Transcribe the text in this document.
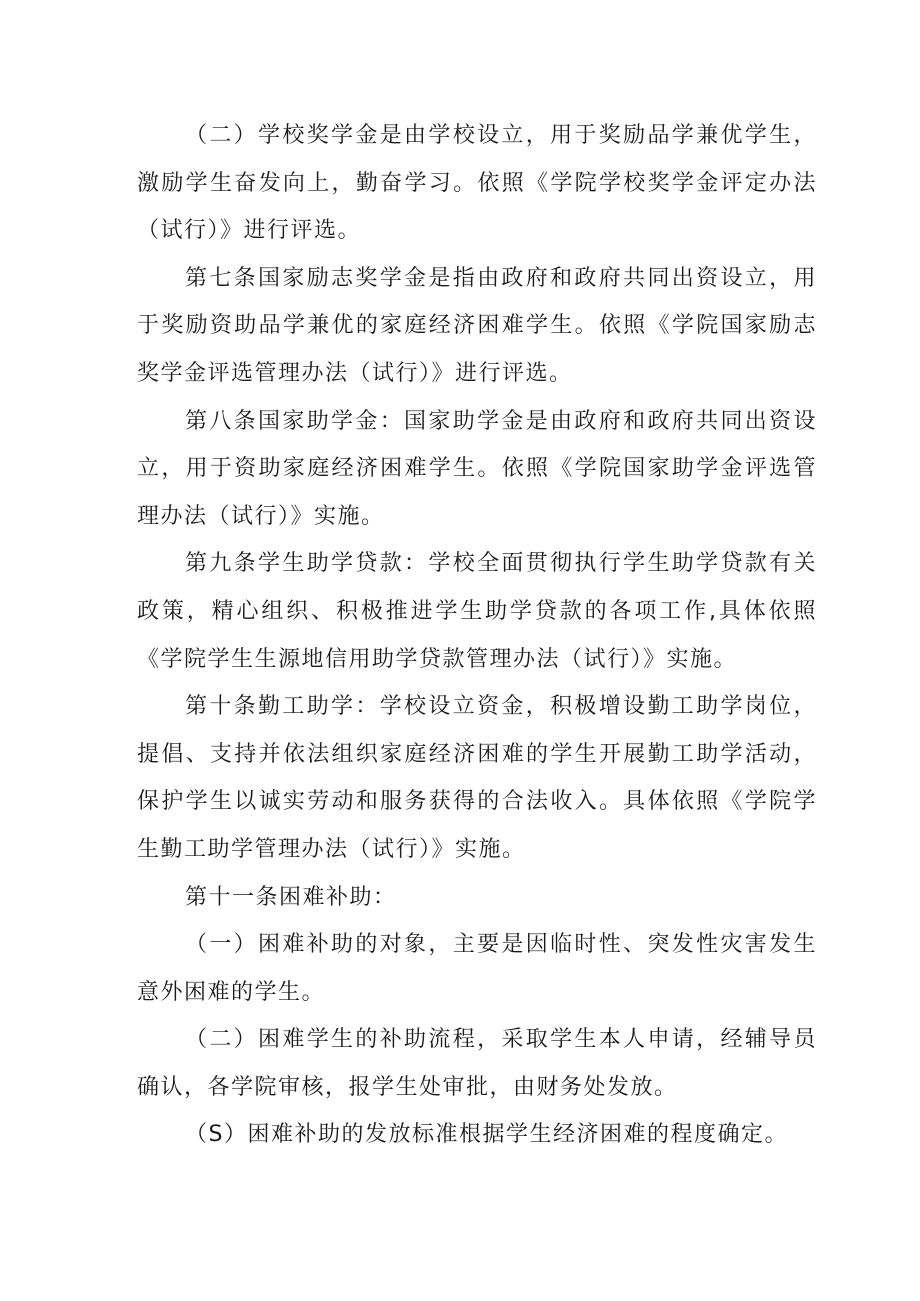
（二）学校奖学金是由学校设立，用于奖励品学兼优学生，激励学生奋发向上，勤奋学习。依照《学院学校奖学金评定办法（试行）》进行评选。

第七条国家励志奖学金是指由政府和政府共同出资设立，用于奖励资助品学兼优的家庭经济困难学生。依照《学院国家励志奖学金评选管理办法（试行）》进行评选。

第八条国家助学金：国家助学金是由政府和政府共同出资设立，用于资助家庭经济困难学生。依照《学院国家助学金评选管理办法（试行）》实施。

第九条学生助学贷款：学校全面贯彻执行学生助学贷款有关政策，精心组织、积极推进学生助学贷款的各项工作,具体依照《学院学生生源地信用助学贷款管理办法（试行）》实施。

第十条勤工助学：学校设立资金，积极增设勤工助学岗位，提倡、支持并依法组织家庭经济困难的学生开展勤工助学活动，保护学生以诚实劳动和服务获得的合法收入。具体依照《学院学生勤工助学管理办法（试行）》实施。

第十一条困难补助：

（一）困难补助的对象，主要是因临时性、突发性灾害发生意外困难的学生。

（二）困难学生的补助流程，采取学生本人申请，经辅导员确认，各学院审核，报学生处审批，由财务处发放。

（S）困难补助的发放标准根据学生经济困难的程度确定。
